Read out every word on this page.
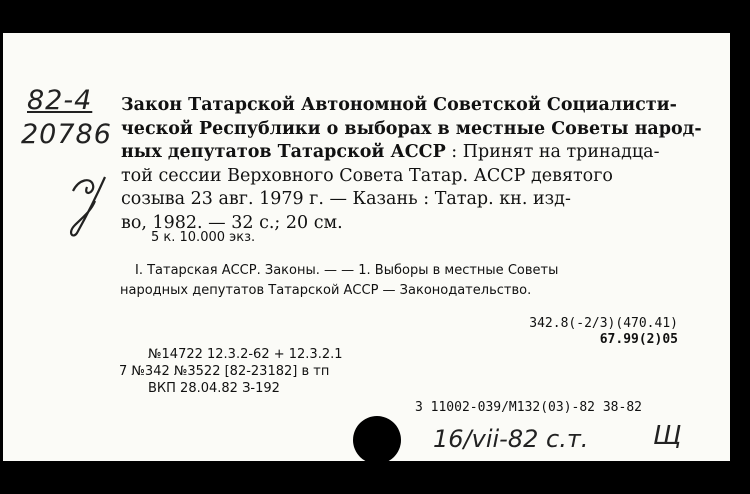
82-4
20786
Закон Татарской Автономной Советской Социалисти-
ческой Республики о выборах в местные Советы народ-
ных депутатов Татарской АССР : Принят на тринадца-
той сессии Верховного Совета Татар. АССР девятого
созыва 23 авг. 1979 г. — Казань : Татар. кн. изд-
во, 1982. — 32 с.; 20 см.
5 к. 10.000 экз.
I. Татарская АССР. Законы. — — 1. Выборы в местные Советы
народных депутатов Татарской АССР — Законодательство.
342.8(-2/3)(470.41)
67.99(2)05
№14722 12.3.2-62 + 12.3.2.1
7 №342 №3522 [82-23182] в тп
ВКП 28.04.82 З-192
З 11002-039/М132(03)-82 38-82
16/vii-82 с.т. Щ
